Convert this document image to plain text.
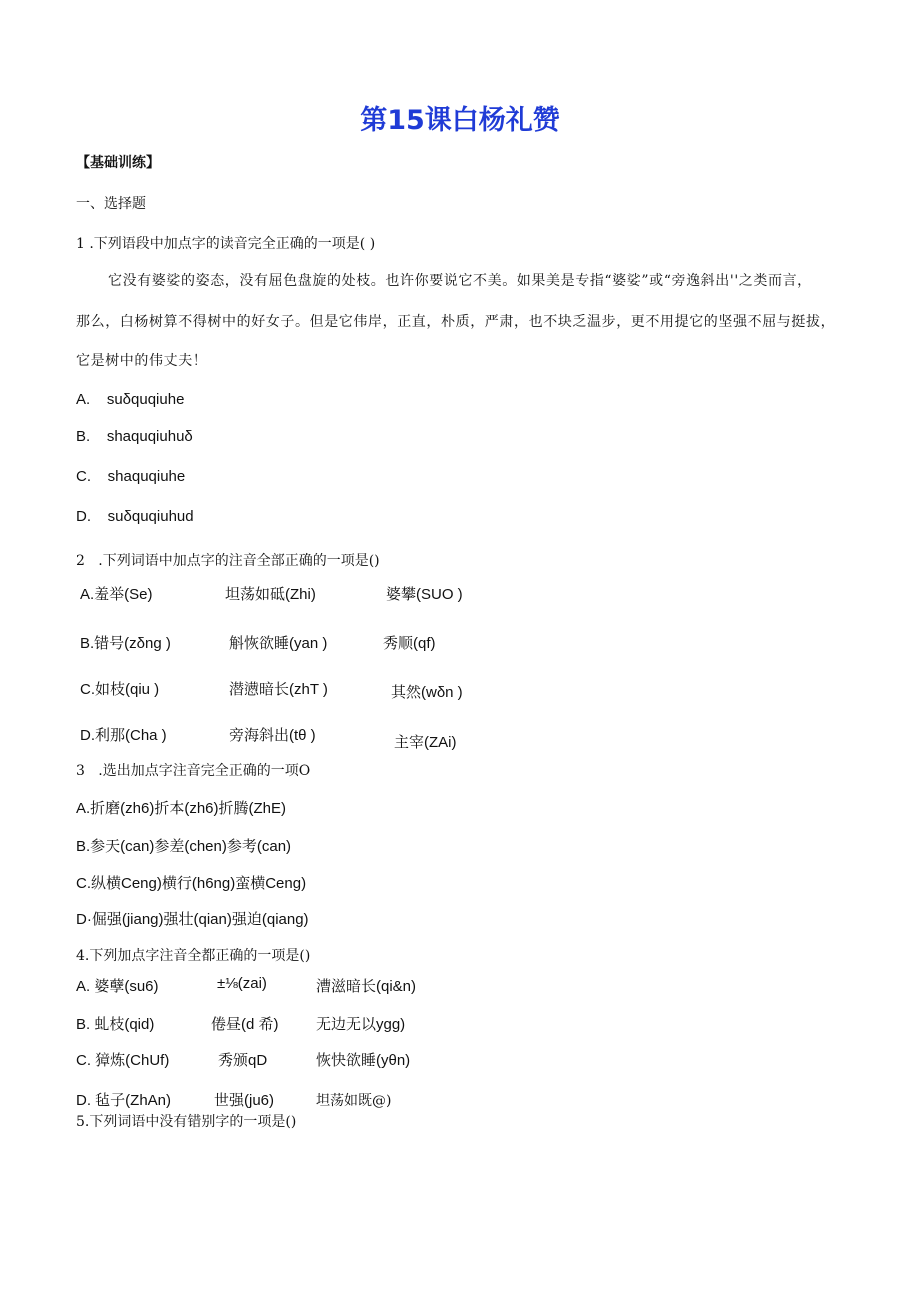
第15课白杨礼赞
【基础训练】
一、选择题
1 .下列语段中加点字的读音完全正确的一项是( )
它没有婆娑的姿态，没有屈色盘旋的处枝。也许你要说它不美。如果美是专指“婆娑”或“旁逸斜出''之类而言，
那么，白杨树算不得树中的好女子。但是它伟岸，正直，朴质，严肃，也不块乏温步，更不用提它的坚强不屈与挺拔，
它是树中的伟丈夫！
A.    suδquqiuhe
B.    shaquqiuhuδ
C.    shaquqiuhe
D.    suδquqiuhud
2   .下列词语中加点字的注音全部正确的一项是()
A.羞举(Se)	坦荡如砥(Zhi)	婆攀(SUO )
B.错号(zδng )	斛恢欲睡(yan )	秀顺(qf)
C.如枝(qiu )	潜懑暗长(zhT )	其然(wδn )
D.利那(Cha )	旁海斜出(tθ )	主宰(ZAi)
3   .选出加点字注音完全正确的一项O
A.折磨(zh6)折本(zh6)折腾(ZhE)
B.参天(can)参差(chen)参考(can)
C.纵横Ceng)横行(h6ng)蛮横Ceng)
D·倔强(jiang)强壮(qian)强迫(qiang)
4.下列加点字注音全都正确的一项是()
A. 婆孽(su6)	±⅛(zai)	漕滋暗长(qi&n)
B. 虬枝(qid)	倦昼(d 希) 无边无以ygg)
C. 獐炼(ChUf)	秀颁qD	恢快欲睡(yθn)
D. 毡子(ZhAn)	世强(ju6)	坦荡如既@)
5.下列词语中没有错别字的一项是()
